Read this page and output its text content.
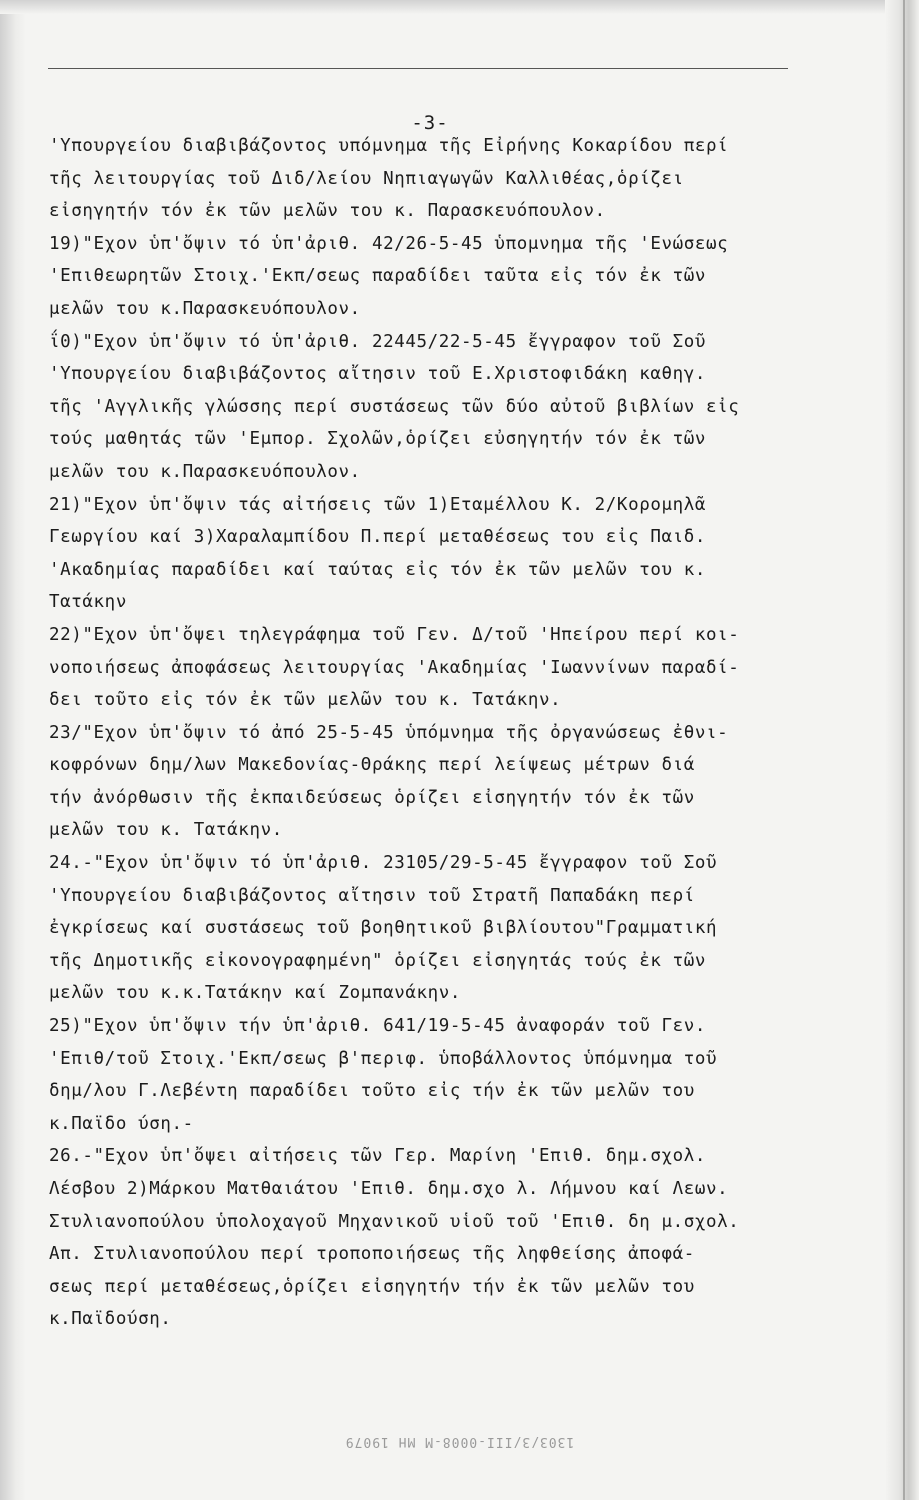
-3-
'Υπουργείου διαβιβάζοντος υπόμνημα τῆς Εἰρήνης Κοκαρίδου περί
τῆς λειτουργίας τοῦ Διδ/λείου Νηπιαγωγῶν Καλλιθέας,ὁρίζει
εἰσηγητήν τόν ἐκ τῶν μελῶν του κ. Παρασκευόπουλον.
19)"Εχον ὑπ'ὄψιν τό ὑπ'ἀριθ. 42/26-5-45 ὑπομνημα τῆς 'Ενώσεως
'Επιθεωρητῶν Στοιχ.'Εκπ/σεως παραδίδει ταῦτα εἰς τόν ἐκ τῶν
μελῶν του κ.Παρασκευόπουλον.
ΐ0)"Εχον ὑπ'ὄψιν τό ὑπ'ἀριθ. 22445/22-5-45 ἔγγραφον τοῦ Σοῦ
'Υπουργείου διαβιβάζοντος αἴτησιν τοῦ Ε.Χριστοφιδάκη καθηγ.
τῆς 'Αγγλικῆς γλώσσης περί συστάσεως τῶν δύο αὐτοῦ βιβλίων εἰς
τούς μαθητάς τῶν 'Εμπορ. Σχολῶν,ὁρίζει εὐσηγητήν τόν ἐκ τῶν
μελῶν του κ.Παρασκευόπουλον.
21)"Εχον ὑπ'ὄψιν τάς αἰτήσεις τῶν 1)Εταμέλλου Κ. 2/Κορομηλᾶ
Γεωργίου καί 3)Χαραλαμπίδου Π.περί μεταθέσεως του εἰς Παιδ.
'Ακαδημίας παραδίδει καί ταύτας εἰς τόν ἐκ τῶν μελῶν του κ.
Τατάκην
22)"Εχον ὑπ'ὄψει τηλεγράφημα τοῦ Γεν. Δ/τοῦ 'Ηπείρου περί κοι-
νοποιήσεως ἀποφάσεως λειτουργίας 'Ακαδημίας 'Ιωαννίνων παραδί-
δει τοῦτο εἰς τόν ἐκ τῶν μελῶν του κ. Τατάκην.
23/"Εχον ὑπ'ὄψιν τό ἀπό 25-5-45 ὑπόμνημα τῆς ὀργανώσεως ἐθνι-
κοφρόνων δημ/λων Μακεδονίας-Θράκης περί λείψεως μέτρων διά
τήν ἀνόρθωσιν τῆς ἐκπαιδεύσεως ὁρίζει εἰσηγητήν τόν ἐκ τῶν
μελῶν του κ. Τατάκην.
24.-"Εχον ὑπ'ὄψιν τό ὑπ'ἀριθ. 23105/29-5-45 ἔγγραφον τοῦ Σοῦ
'Υπουργείου διαβιβάζοντος αἴτησιν τοῦ Στρατῆ Παπαδάκη περί
ἐγκρίσεως καί συστάσεως τοῦ βοηθητικοῦ βιβλίουτου"Γραμματική
τῆς Δημοτικῆς εἰκονογραφημένη" ὁρίζει εἰσηγητάς τούς ἐκ τῶν
μελῶν του κ.κ.Τατάκην καί Ζομπανάκην.
25)"Εχον ὑπ'ὄψιν τήν ὑπ'ἀριθ. 641/19-5-45 ἀναφοράν τοῦ Γεν.
'Επιθ/τοῦ Στοιχ.'Εκπ/σεως β'περιφ. ὑποβάλλοντος ὑπόμνημα τοῦ
δημ/λου Γ.Λεβέντη παραδίδει τοῦτο εἰς τήν ἐκ τῶν μελῶν του
κ.Παϊδο ύση.-
26.-"Εχον ὑπ'ὄψει αἰτήσεις τῶν Γερ. Μαρίνη 'Επιθ. δημ.σχολ.
Λέσβου 2)Μάρκου Ματθαιάτου 'Επιθ. δημ.σχο λ. Λήμνου καί Λεων.
Στυλιανοπούλου ὑπολοχαγοῦ Μηχανικοῦ υἱοῦ τοῦ 'Επιθ. δη μ.σχολ.
Απ. Στυλιανοπούλου περί τροποποιήσεως τῆς ληφθείσης ἀποφά-
σεως περί μεταθέσεως,ὁρίζει εἰσηγητήν τήν ἐκ τῶν μελῶν του
κ.Παϊδούση.
1303/3/III-0008-M ΜΗ 19079
